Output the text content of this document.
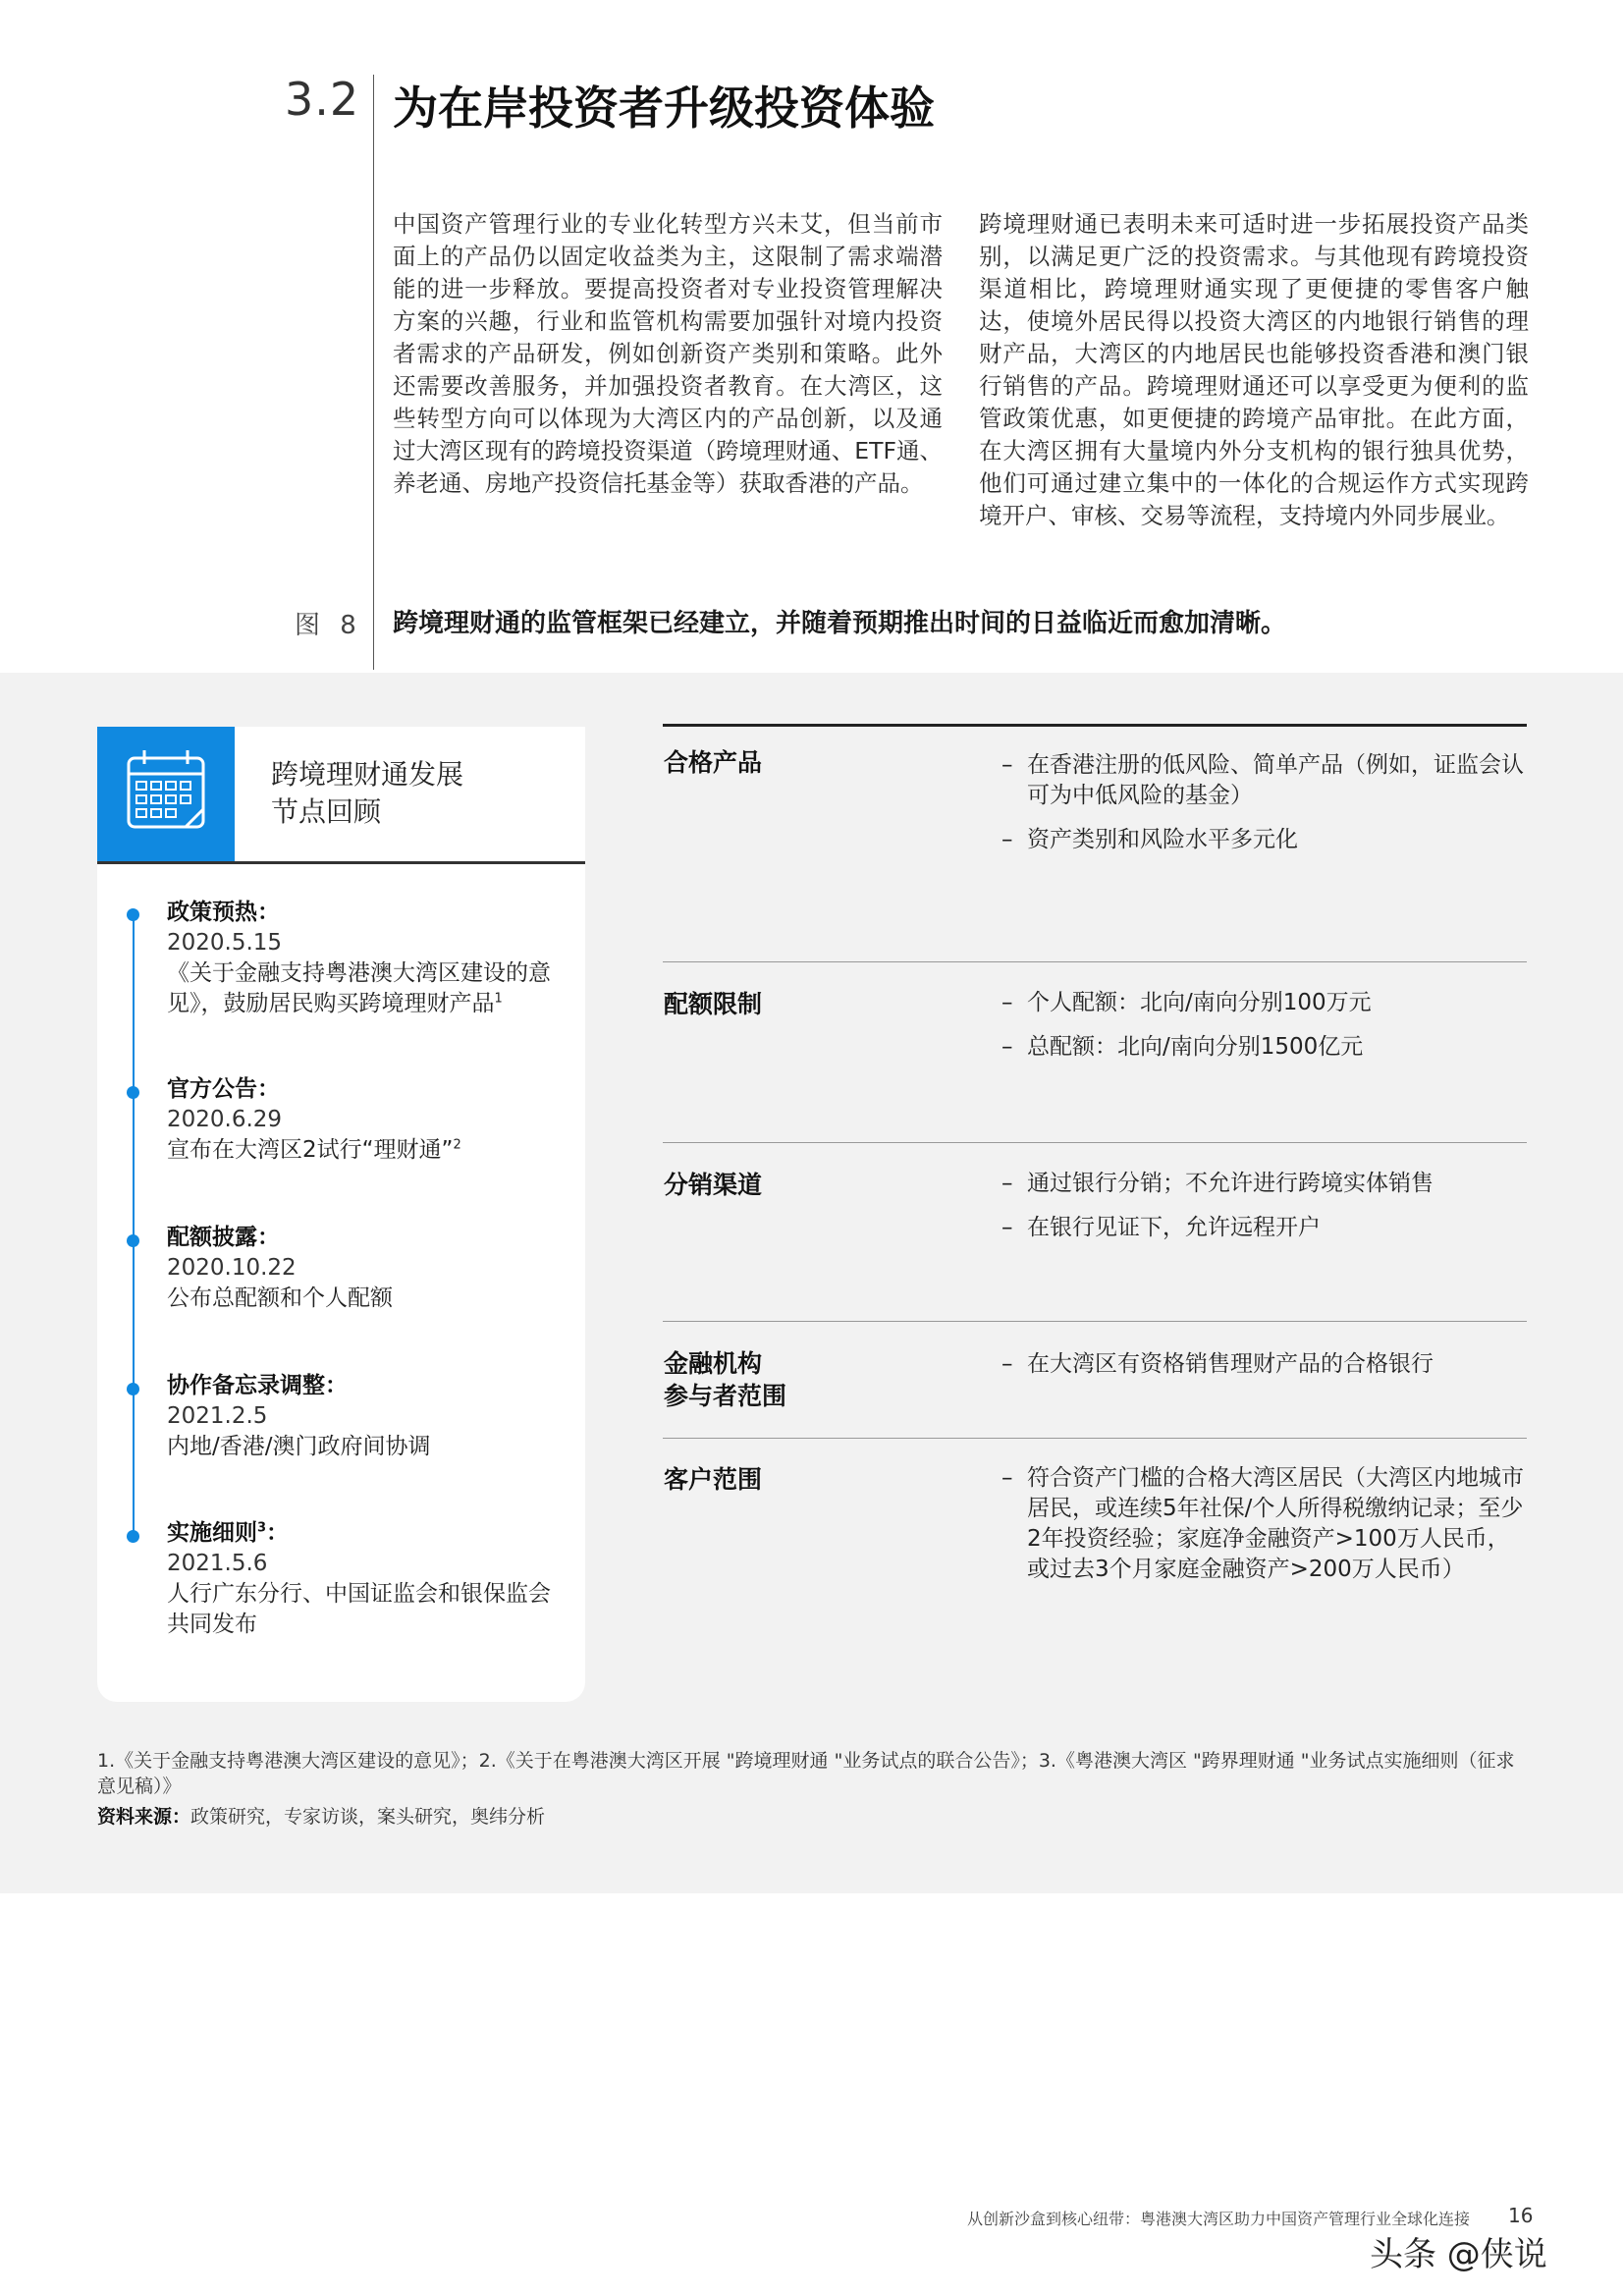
3.2 为在岸投资者升级投资体验

中国资产管理行业的专业化转型方兴未艾，但当前市面上的产品仍以固定收益类为主，这限制了需求端潜能的进一步释放。要提高投资者对专业投资管理解决方案的兴趣，行业和监管机构需要加强针对境内投资者需求的产品研发，例如创新资产类别和策略。此外还需要改善服务，并加强投资者教育。在大湾区，这些转型方向可以体现为大湾区内的产品创新，以及通过大湾区现有的跨境投资渠道（跨境理财通、ETF通、养老通、房地产投资信托基金等）获取香港的产品。

跨境理财通已表明未来可适时进一步拓展投资产品类别，以满足更广泛的投资需求。与其他现有跨境投资渠道相比，跨境理财通实现了更便捷的零售客户触达，使境外居民得以投资大湾区的内地银行销售的理财产品，大湾区的内地居民也能够投资香港和澳门银行销售的产品。跨境理财通还可以享受更为便利的监管政策优惠，如更便捷的跨境产品审批。在此方面，在大湾区拥有大量境内外分支机构的银行独具优势，他们可通过建立集中的一体化的合规运作方式实现跨境开户、审核、交易等流程，支持境内外同步展业。

图 8 跨境理财通的监管框架已经建立，并随着预期推出时间的日益临近而愈加清晰。
跨境理财通发展
节点回顾
政策预热：
2020.5.15
《关于金融支持粤港澳大湾区建设的意见》，鼓励居民购买跨境理财产品$^1$
官方公告：
2020.6.29
宣布在大湾区2试行“理财通”$^2$
配额披露：
2020.10.22
公布总配额和个人配额
协作备忘录调整：
2021.2.5
内地/香港/澳门政府间协调
实施细则$^3$：
2021.5.6
人行广东分行、中国证监会和银保监会共同发布
合格产品	– 在香港注册的低风险、简单产品（例如，证监会认可为中低风险的基金）
– 资产类别和风险水平多元化
配额限制	– 个人配额：北向/南向分别100万元
– 总配额：北向/南向分别1500亿元
分销渠道	– 通过银行分销；不允许进行跨境实体销售
– 在银行见证下，允许远程开户
金融机构
参与者范围
– 在大湾区有资格销售理财产品的合格银行
客户范围	– 符合资产门槛的合格大湾区居民（大湾区内地城市居民，或连续5年社保/个人所得税缴纳记录；至少2年投资经验；家庭净金融资产>100万人民币，或过去3个月家庭金融资产>200万人民币）
1.《关于金融支持粤港澳大湾区建设的意见》；2.《关于在粤港澳大湾区开展 "跨境理财通 "业务试点的联合公告》；3.《粤港澳大湾区 "跨界理财通 "业务试点实施细则（征求意见稿）》
资料来源：政策研究，专家访谈，案头研究，奥纬分析
从创新沙盒到核心纽带：粤港澳大湾区助力中国资产管理行业全球化连接 16
头条 @侠说
